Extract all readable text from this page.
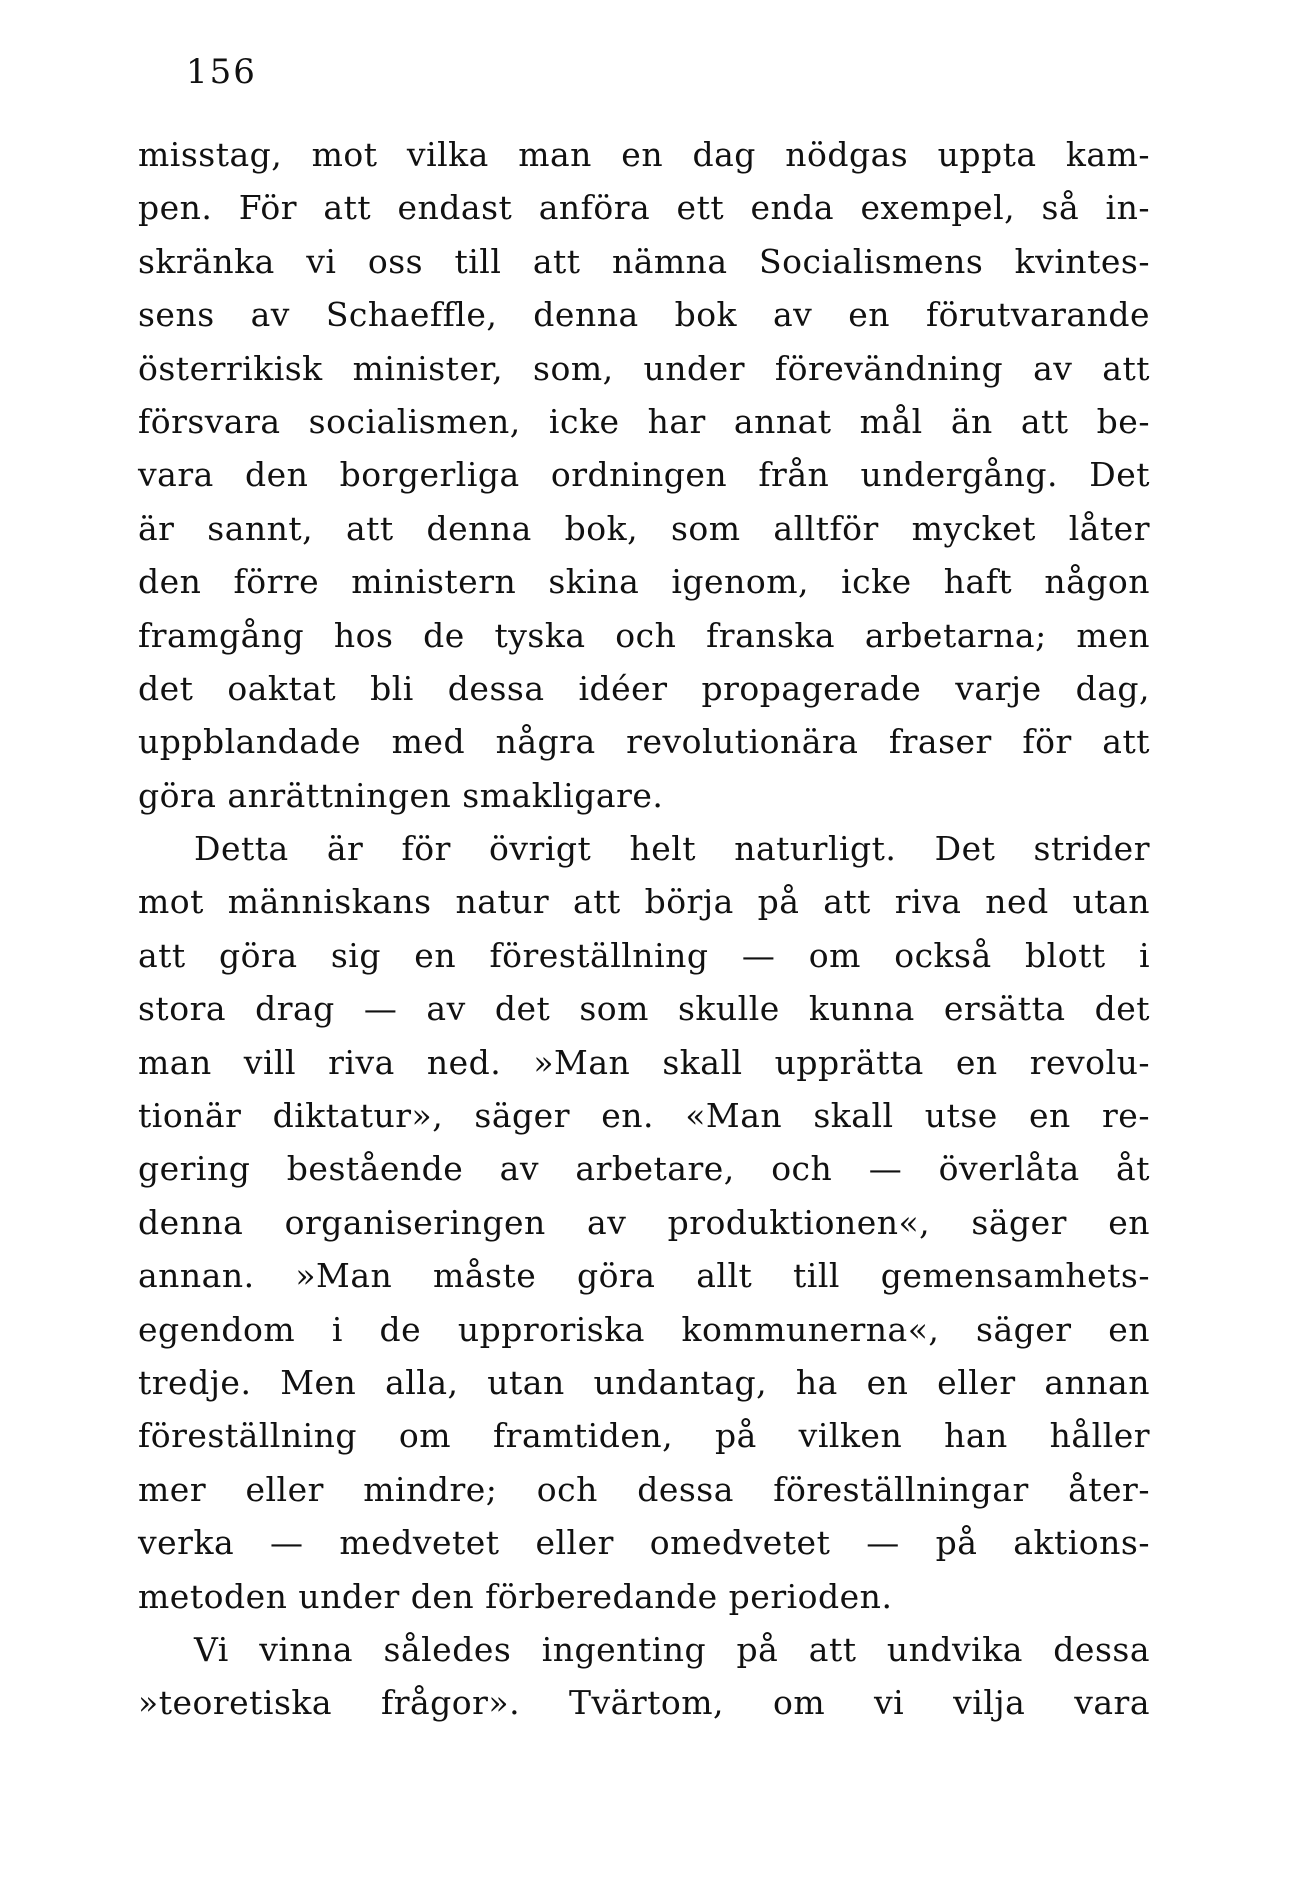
156
misstag, mot vilka man en dag nödgas uppta kam-
pen. För att endast anföra ett enda exempel, så in-
skränka vi oss till att nämna Socialismens kvintes-
sens av Schaeffle, denna bok av en förutvarande
österrikisk minister, som, under förevändning av att
försvara socialismen, icke har annat mål än att be-
vara den borgerliga ordningen från undergång. Det
är sannt, att denna bok, som alltför mycket låter
den förre ministern skina igenom, icke haft någon
framgång hos de tyska och franska arbetarna; men
det oaktat bli dessa idéer propagerade varje dag,
uppblandade med några revolutionära fraser för att
göra anrättningen smakligare.
Detta är för övrigt helt naturligt. Det strider
mot människans natur att börja på att riva ned utan
att göra sig en föreställning — om också blott i
stora drag — av det som skulle kunna ersätta det
man vill riva ned. »Man skall upprätta en revolu-
tionär diktatur», säger en. «Man skall utse en re-
gering bestående av arbetare, och — överlåta åt
denna organiseringen av produktionen«, säger en
annan. »Man måste göra allt till gemensamhets-
egendom i de upproriska kommunerna«, säger en
tredje. Men alla, utan undantag, ha en eller annan
föreställning om framtiden, på vilken han håller
mer eller mindre; och dessa föreställningar åter-
verka — medvetet eller omedvetet — på aktions-
metoden under den förberedande perioden.
Vi vinna således ingenting på att undvika dessa
»teoretiska frågor». Tvärtom, om vi vilja vara
